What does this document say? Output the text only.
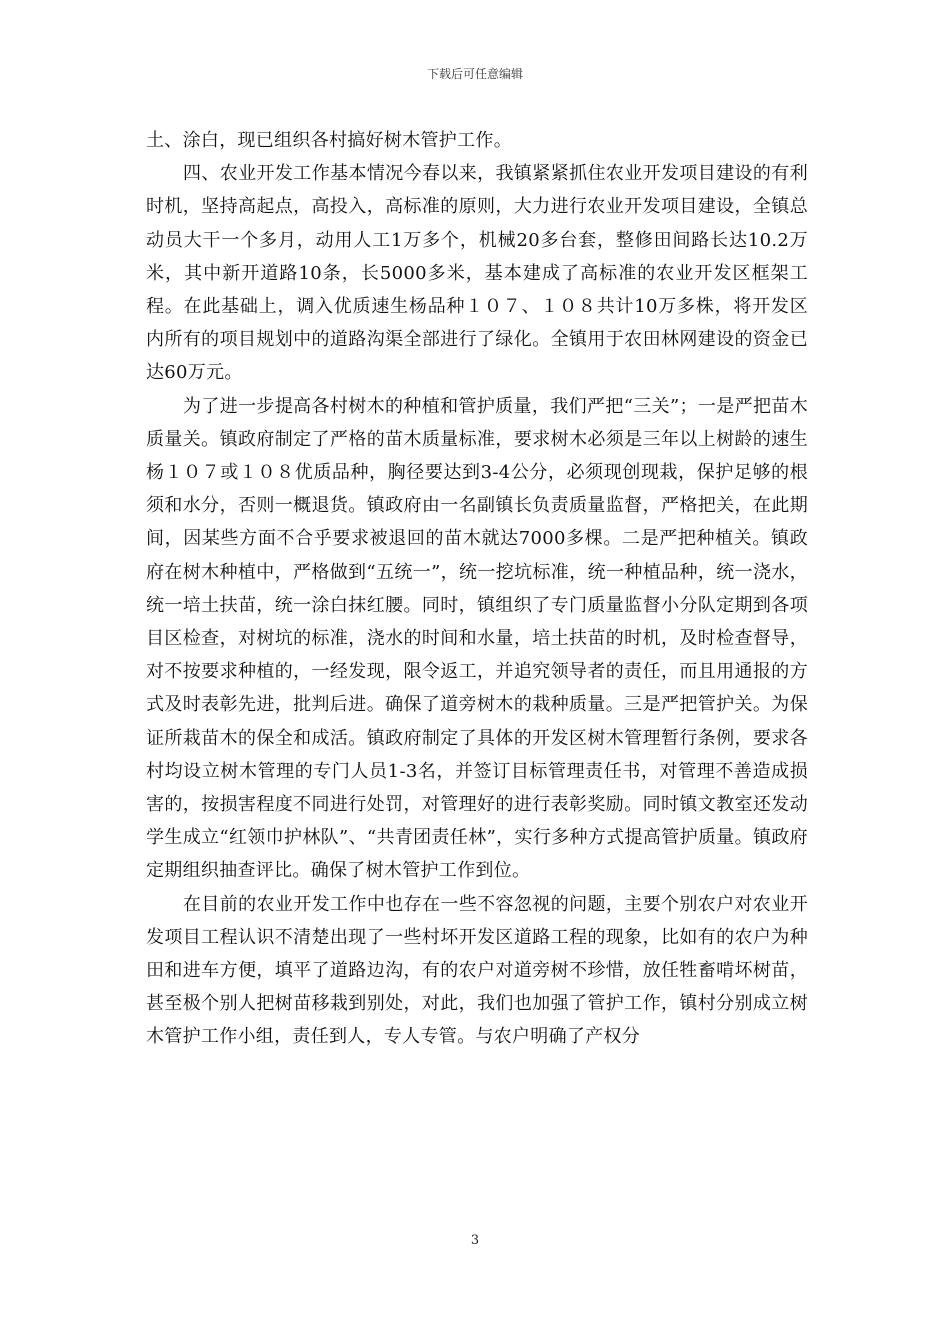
下载后可任意编辑

土、涂白，现已组织各村搞好树木管护工作。

四、农业开发工作基本情况今春以来，我镇紧紧抓住农业开发项目建设的有利时机，坚持高起点，高投入，高标准的原则，大力进行农业开发项目建设，全镇总动员大干一个多月，动用人工1万多个，机械20多台套，整修田间路长达10.2万米，其中新开道路10条，长5000多米，基本建成了高标准的农业开发区框架工程。在此基础上，调入优质速生杨品种１０７、１０８共计10万多株，将开发区内所有的项目规划中的道路沟渠全部进行了绿化。全镇用于农田林网建设的资金已达60万元。

为了进一步提高各村树木的种植和管护质量，我们严把“三关”；一是严把苗木质量关。镇政府制定了严格的苗木质量标准，要求树木必须是三年以上树龄的速生杨１０７或１０８优质品种，胸径要达到3-4公分，必须现创现栽，保护足够的根须和水分，否则一概退货。镇政府由一名副镇长负责质量监督，严格把关，在此期间，因某些方面不合乎要求被退回的苗木就达7000多棵。二是严把种植关。镇政府在树木种植中，严格做到“五统一”，统一挖坑标准，统一种植品种，统一浇水，统一培土扶苗，统一涂白抹红腰。同时，镇组织了专门质量监督小分队定期到各项目区检查，对树坑的标准，浇水的时间和水量，培土扶苗的时机，及时检查督导，对不按要求种植的，一经发现，限令返工，并追究领导者的责任，而且用通报的方式及时表彰先进，批判后进。确保了道旁树木的栽种质量。三是严把管护关。为保证所栽苗木的保全和成活。镇政府制定了具体的开发区树木管理暂行条例，要求各村均设立树木管理的专门人员1-3名，并签订目标管理责任书，对管理不善造成损害的，按损害程度不同进行处罚，对管理好的进行表彰奖励。同时镇文教室还发动学生成立“红领巾护林队”、“共青团责任林”，实行多种方式提高管护质量。镇政府定期组织抽查评比。确保了树木管护工作到位。

在目前的农业开发工作中也存在一些不容忽视的问题，主要个别农户对农业开发项目工程认识不清楚出现了一些村坏开发区道路工程的现象，比如有的农户为种田和进车方便，填平了道路边沟，有的农户对道旁树不珍惜，放任牲畜啃坏树苗，甚至极个别人把树苗移栽到别处，对此，我们也加强了管护工作，镇村分别成立树木管护工作小组，责任到人，专人专管。与农户明确了产权分

3
